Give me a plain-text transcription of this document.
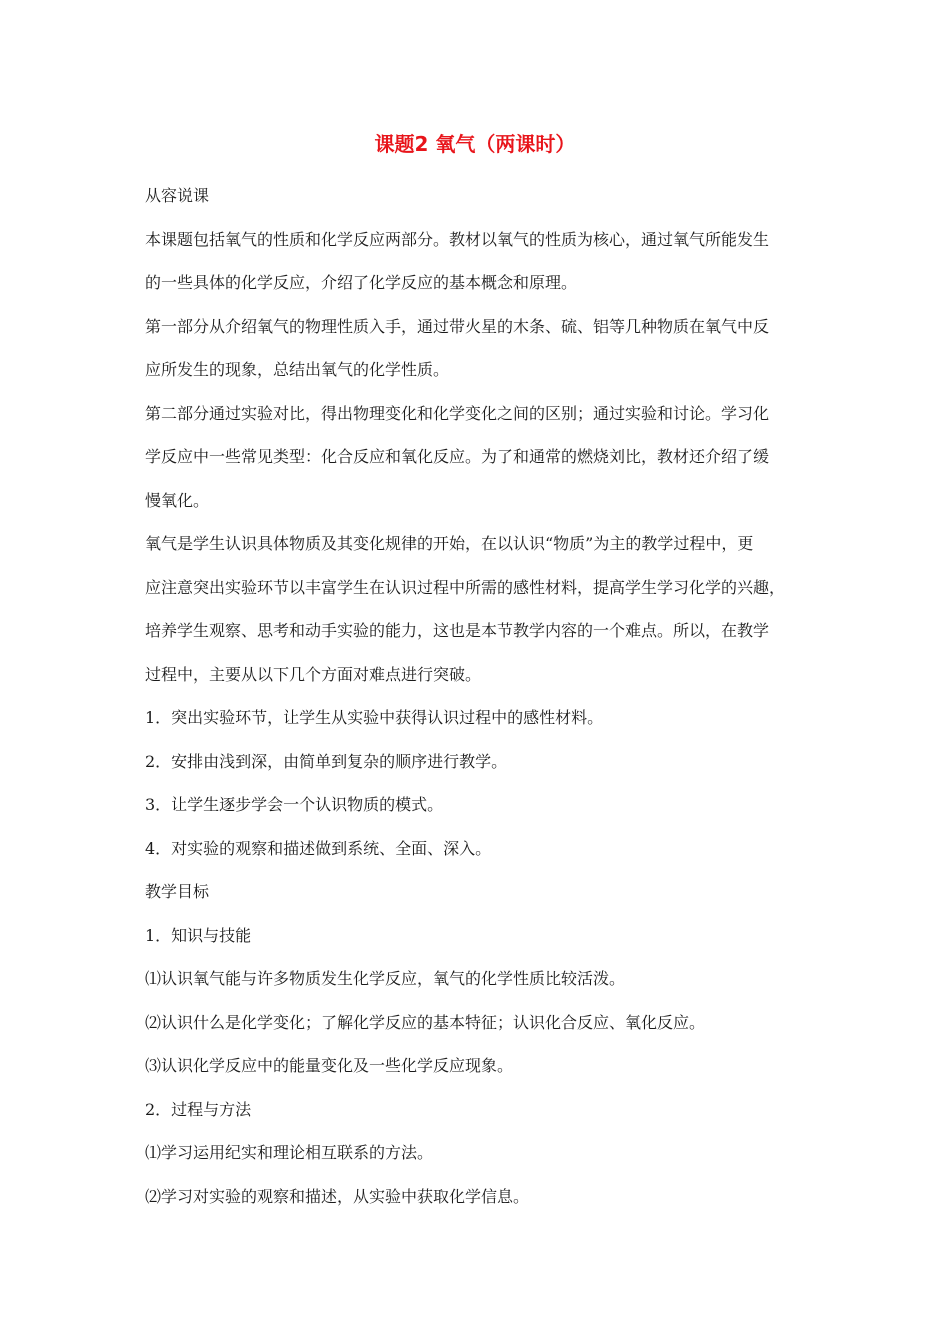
课题2 氧气（两课时）

从容说课

本课题包括氧气的性质和化学反应两部分。教材以氧气的性质为核心，通过氧气所能发生

的一些具体的化学反应，介绍了化学反应的基本概念和原理。

第一部分从介绍氧气的物理性质入手，通过带火星的木条、硫、铝等几种物质在氧气中反

应所发生的现象，总结出氧气的化学性质。

第二部分通过实验对比，得出物理变化和化学变化之间的区别；通过实验和讨论。学习化

学反应中一些常见类型：化合反应和氧化反应。为了和通常的燃烧刘比，教材还介绍了缓

慢氧化。

氧气是学生认识具体物质及其变化规律的开始，在以认识“物质”为主的教学过程中，更

应注意突出实验环节以丰富学生在认识过程中所需的感性材料，提高学生学习化学的兴趣，

培养学生观察、思考和动手实验的能力，这也是本节教学内容的一个难点。所以，在教学

过程中，主要从以下几个方面对难点进行突破。

1．突出实验环节，让学生从实验中获得认识过程中的感性材料。

2．安排由浅到深，由简单到复杂的顺序进行教学。

3．让学生逐步学会一个认识物质的模式。

4．对实验的观察和描述做到系统、全面、深入。

教学目标

1．知识与技能

⑴认识氧气能与许多物质发生化学反应，氧气的化学性质比较活泼。

⑵认识什么是化学变化；了解化学反应的基本特征；认识化合反应、氧化反应。

⑶认识化学反应中的能量变化及一些化学反应现象。

2．过程与方法

⑴学习运用纪实和理论相互联系的方法。

⑵学习对实验的观察和描述，从实验中获取化学信息。
